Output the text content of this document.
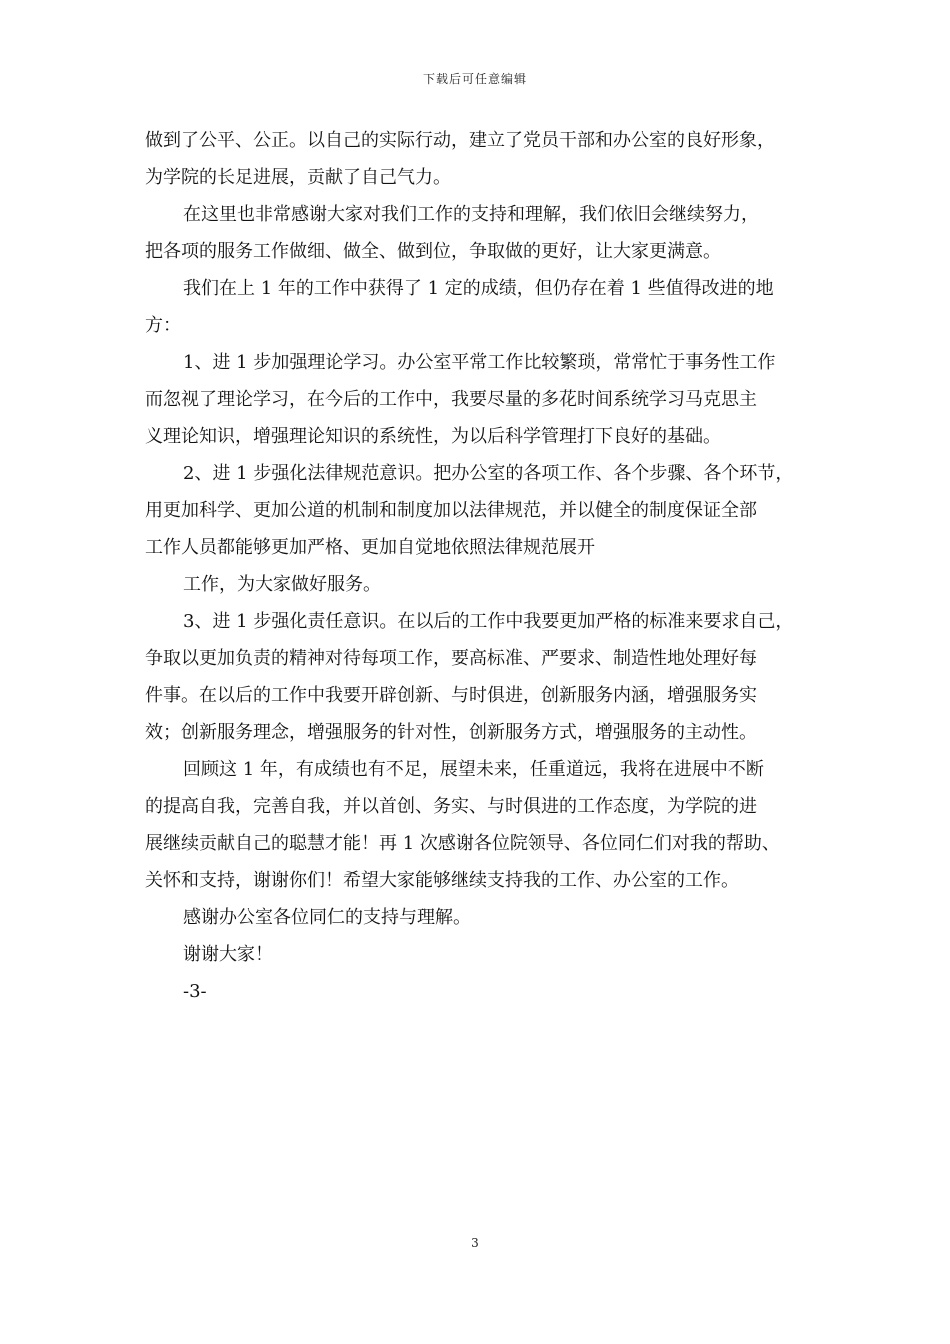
下载后可任意编辑
做到了公平、公正。以自己的实际行动，建立了党员干部和办公室的良好形象，
为学院的长足进展，贡献了自己气力。
在这里也非常感谢大家对我们工作的支持和理解，我们依旧会继续努力，
把各项的服务工作做细、做全、做到位，争取做的更好，让大家更满意。
我们在上 1 年的工作中获得了 1 定的成绩，但仍存在着 1 些值得改进的地
方：
1、进 1 步加强理论学习。办公室平常工作比较繁琐，常常忙于事务性工作
而忽视了理论学习，在今后的工作中，我要尽量的多花时间系统学习马克思主
义理论知识，增强理论知识的系统性，为以后科学管理打下良好的基础。
2、进 1 步强化法律规范意识。把办公室的各项工作、各个步骤、各个环节，
用更加科学、更加公道的机制和制度加以法律规范，并以健全的制度保证全部
工作人员都能够更加严格、更加自觉地依照法律规范展开
工作，为大家做好服务。
3、进 1 步强化责任意识。在以后的工作中我要更加严格的标准来要求自己，
争取以更加负责的精神对待每项工作，要高标准、严要求、制造性地处理好每
件事。在以后的工作中我要开辟创新、与时俱进，创新服务内涵，增强服务实
效；创新服务理念，增强服务的针对性，创新服务方式，增强服务的主动性。
回顾这 1 年，有成绩也有不足，展望未来，任重道远，我将在进展中不断
的提高自我，完善自我，并以首创、务实、与时俱进的工作态度，为学院的进
展继续贡献自己的聪慧才能！再 1 次感谢各位院领导、各位同仁们对我的帮助、
关怀和支持，谢谢你们！希望大家能够继续支持我的工作、办公室的工作。
感谢办公室各位同仁的支持与理解。
谢谢大家！
-3-
3
